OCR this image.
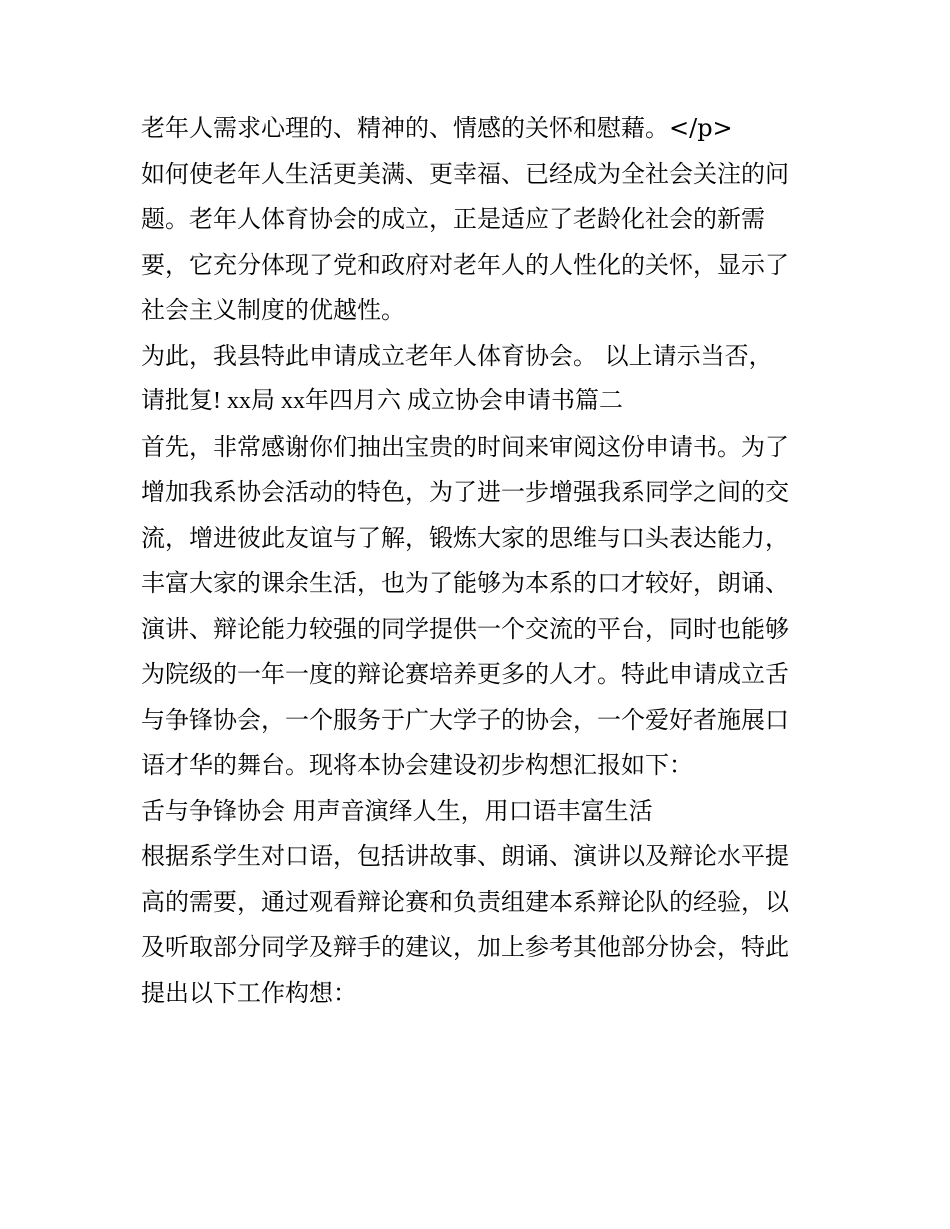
老年人需求心理的、精神的、情感的关怀和慰藉。</p>
如何使老年人生活更美满、更幸福、已经成为全社会关注的问
题。老年人体育协会的成立，正是适应了老龄化社会的新需
要，它充分体现了党和政府对老年人的人性化的关怀，显示了
社会主义制度的优越性。
为此，我县特此申请成立老年人体育协会。 以上请示当否，
请批复! xx局 xx年四月六 成立协会申请书篇二
首先，非常感谢你们抽出宝贵的时间来审阅这份申请书。为了
增加我系协会活动的特色，为了进一步增强我系同学之间的交
流，增进彼此友谊与了解，锻炼大家的思维与口头表达能力，
丰富大家的课余生活，也为了能够为本系的口才较好，朗诵、
演讲、辩论能力较强的同学提供一个交流的平台，同时也能够
为院级的一年一度的辩论赛培养更多的人才。特此申请成立舌
与争锋协会，一个服务于广大学子的协会，一个爱好者施展口
语才华的舞台。现将本协会建设初步构想汇报如下：
舌与争锋协会 用声音演绎人生，用口语丰富生活
根据系学生对口语，包括讲故事、朗诵、演讲以及辩论水平提
高的需要，通过观看辩论赛和负责组建本系辩论队的经验，以
及听取部分同学及辩手的建议，加上参考其他部分协会，特此
提出以下工作构想：
